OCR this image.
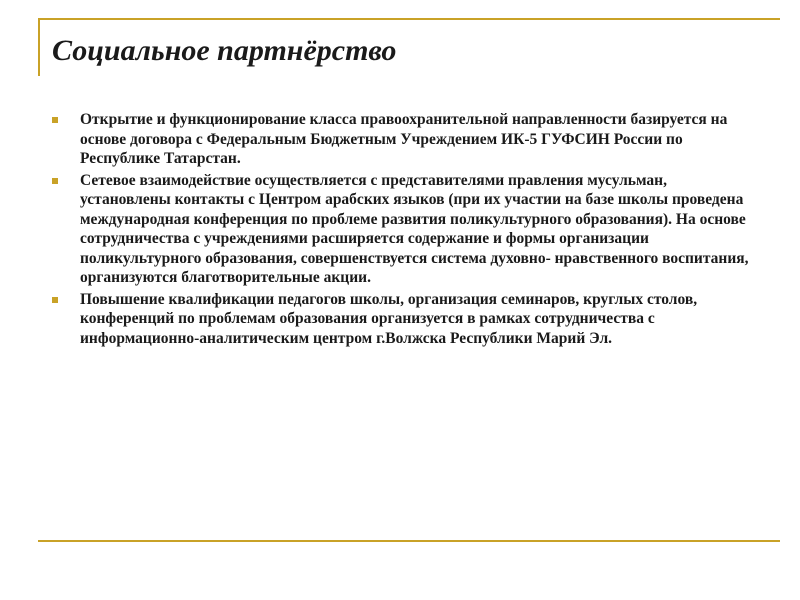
Социальное партнёрство
Открытие и функционирование класса правоохранительной направленности базируется на основе договора с Федеральным Бюджетным Учреждением ИК-5 ГУФСИН России по Республике Татарстан.
Сетевое взаимодействие осуществляется с представителями правления мусульман, установлены контакты с Центром арабских языков (при их участии на базе школы проведена международная конференция по проблеме развития поликультурного образования). На основе сотрудничества с учреждениями расширяется содержание и формы организации поликультурного образования, совершенствуется система духовно- нравственного воспитания, организуются благотворительные акции.
Повышение квалификации педагогов школы, организация семинаров, круглых столов, конференций по проблемам образования организуется в рамках сотрудничества с информационно-аналитическим центром г.Волжска Республики Марий Эл.
